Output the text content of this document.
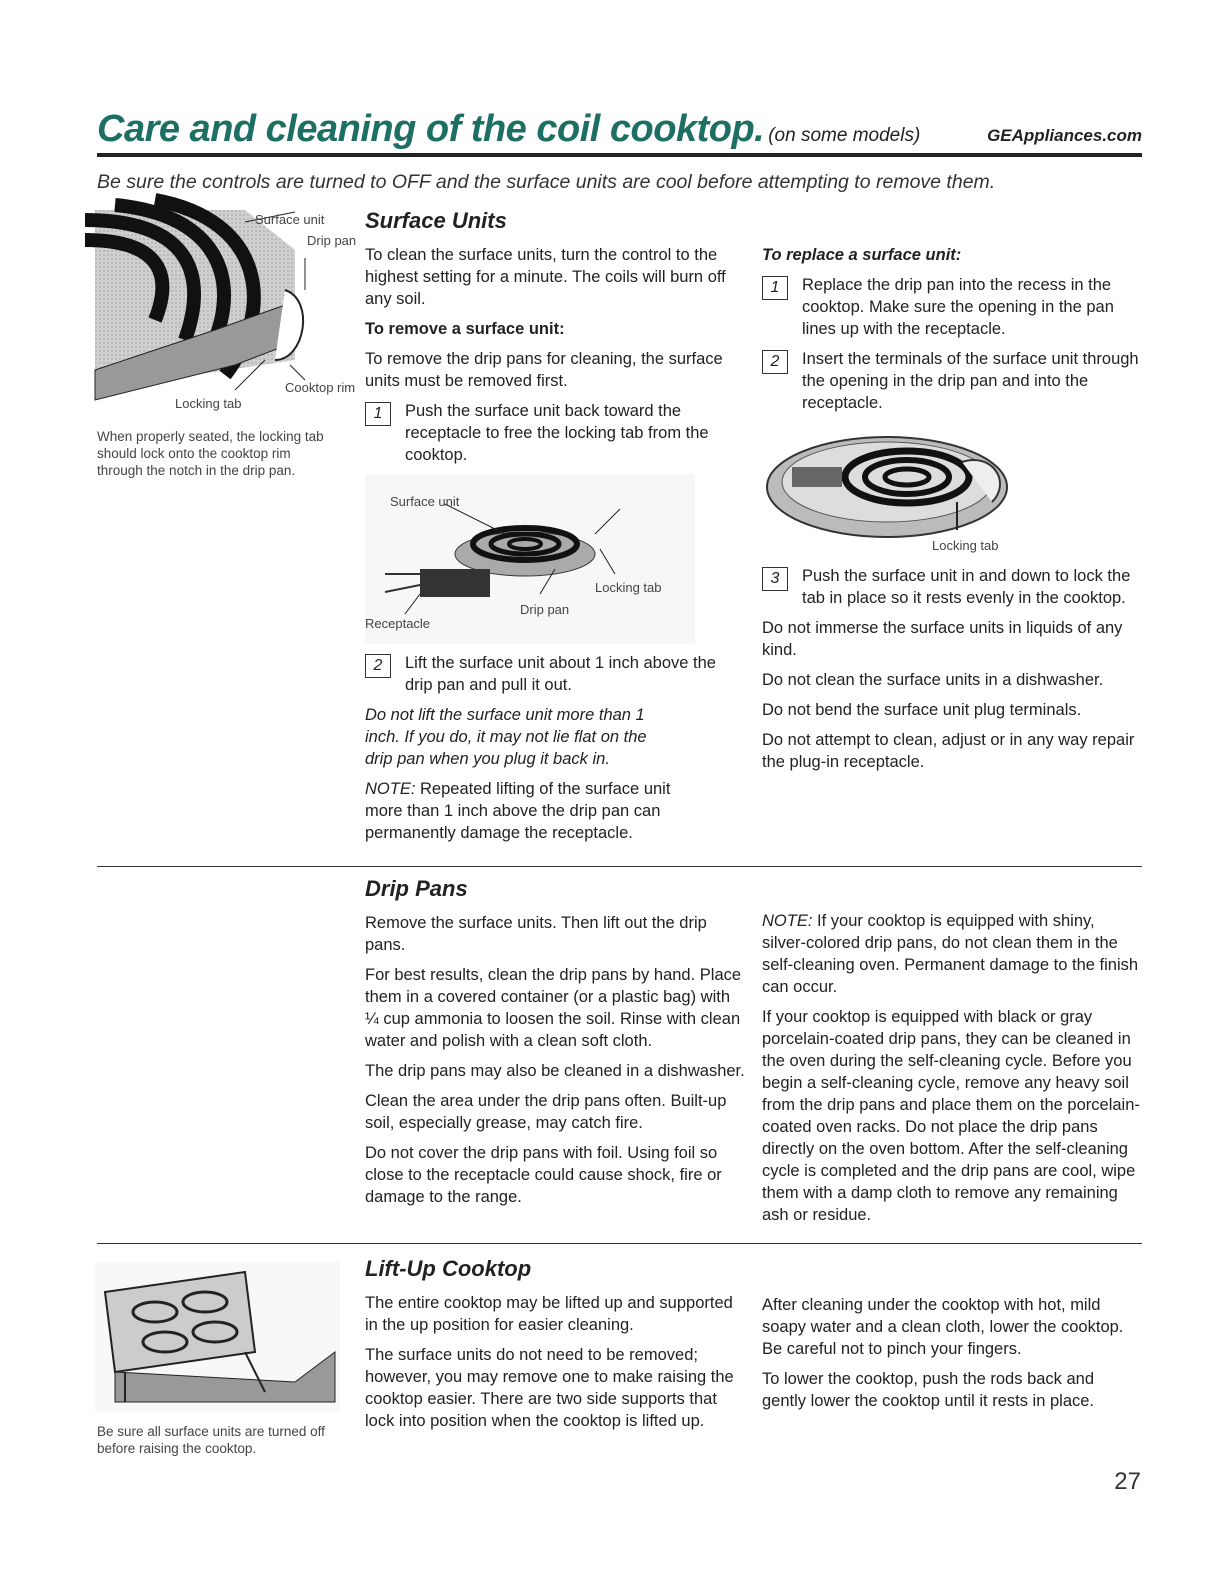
Care and cleaning of the coil cooktop. (on some models)	GEAppliances.com
Be sure the controls are turned to OFF and the surface units are cool before attempting to remove them.
Surface unit
Drip pan
Cooktop rim
Locking tab
When properly seated, the locking tab should lock onto the cooktop rim through the notch in the drip pan.
Surface Units

To clean the surface units, turn the control to the highest setting for a minute. The coils will burn off any soil.

To remove a surface unit:

To remove the drip pans for cleaning, the surface units must be removed first.

1	Push the surface unit back toward the receptacle to free the locking tab from the cooktop.
Surface unit
Locking tab
Drip pan
Receptacle
2	Lift the surface unit about 1 inch above the drip pan and pull it out.

Do not lift the surface unit more than 1 inch. If you do, it may not lie flat on the drip pan when you plug it back in.

NOTE: Repeated lifting of the surface unit more than 1 inch above the drip pan can permanently damage the receptacle.

To replace a surface unit:

1	Replace the drip pan into the recess in the cooktop. Make sure the opening in the pan lines up with the receptacle.
2	Insert the terminals of the surface unit through the opening in the drip pan and into the receptacle.
Locking tab
3	Push the surface unit in and down to lock the tab in place so it rests evenly in the cooktop.

Do not immerse the surface units in liquids of any kind.

Do not clean the surface units in a dishwasher.

Do not bend the surface unit plug terminals.

Do not attempt to clean, adjust or in any way repair the plug-in receptacle.

Drip Pans

Remove the surface units. Then lift out the drip pans.

For best results, clean the drip pans by hand. Place them in a covered container (or a plastic bag) with ¼ cup ammonia to loosen the soil. Rinse with clean water and polish with a clean soft cloth.

The drip pans may also be cleaned in a dishwasher.

Clean the area under the drip pans often. Built-up soil, especially grease, may catch fire.

Do not cover the drip pans with foil. Using foil so close to the receptacle could cause shock, fire or damage to the range.

NOTE: If your cooktop is equipped with shiny, silver-colored drip pans, do not clean them in the self-cleaning oven. Permanent damage to the finish can occur.

If your cooktop is equipped with black or gray porcelain-coated drip pans, they can be cleaned in the oven during the self-cleaning cycle. Before you begin a self-cleaning cycle, remove any heavy soil from the drip pans and place them on the porcelain-coated oven racks. Do not place the drip pans directly on the oven bottom. After the self-cleaning cycle is completed and the drip pans are cool, wipe them with a damp cloth to remove any remaining ash or residue.

Be sure all surface units are turned off before raising the cooktop.
Lift-Up Cooktop

The entire cooktop may be lifted up and supported in the up position for easier cleaning.

The surface units do not need to be removed; however, you may remove one to make raising the cooktop easier. There are two side supports that lock into position when the cooktop is lifted up.

After cleaning under the cooktop with hot, mild soapy water and a clean cloth, lower the cooktop. Be careful not to pinch your fingers.

To lower the cooktop, push the rods back and gently lower the cooktop until it rests in place.

27
